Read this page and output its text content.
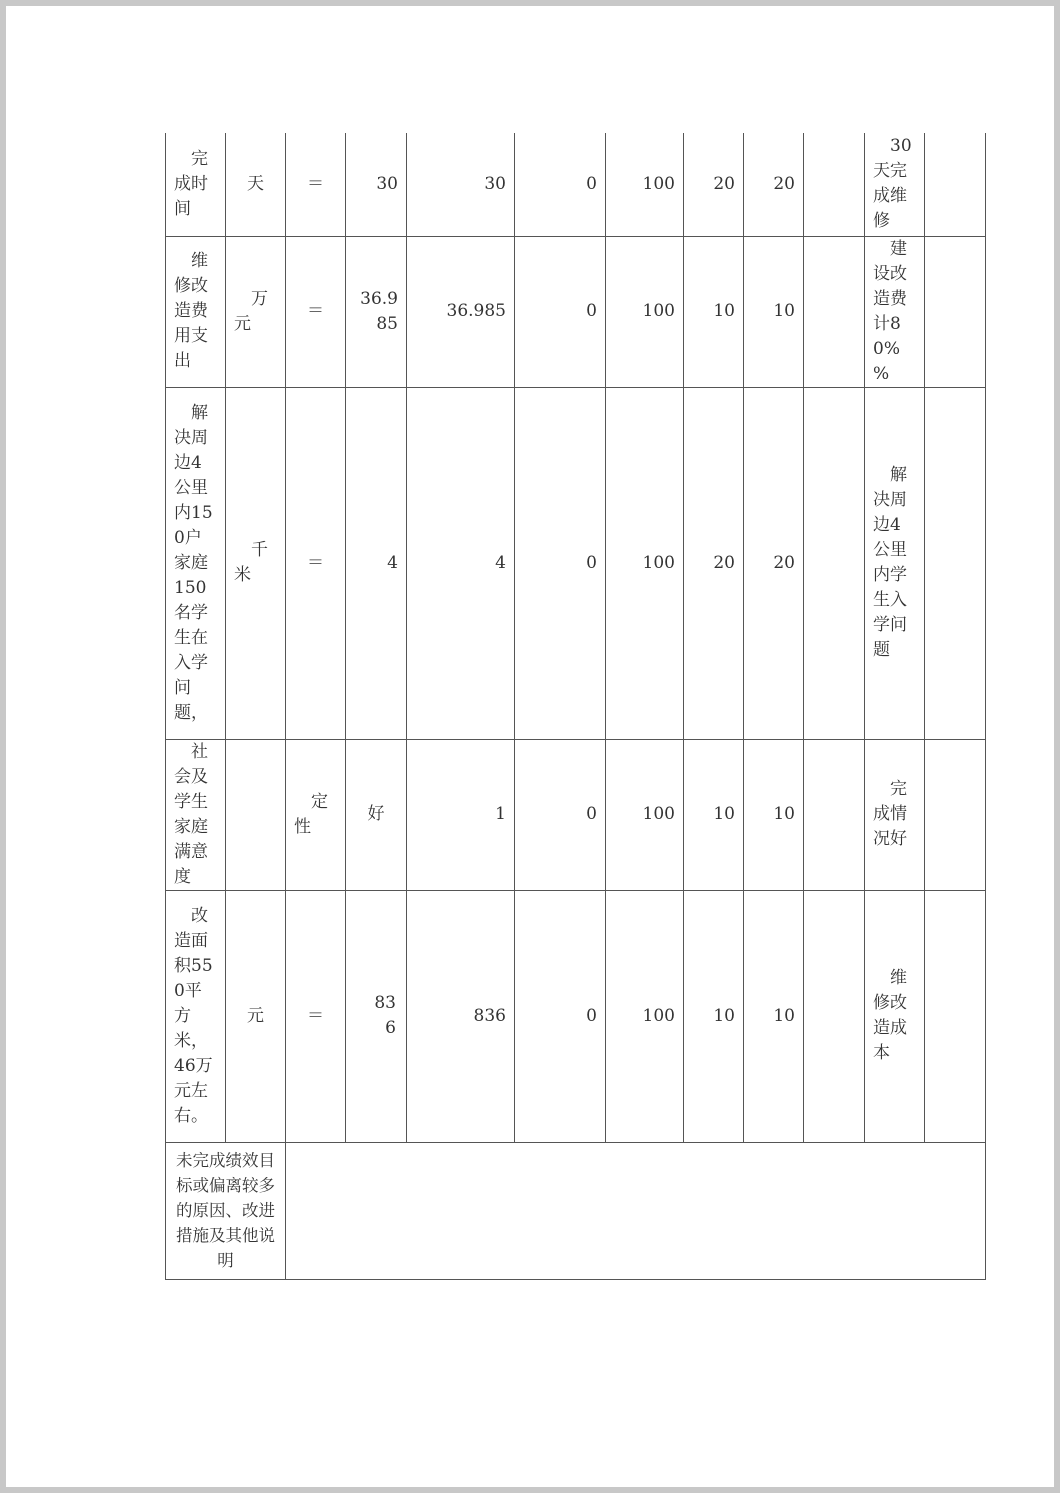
完成时间	天	＝	30	30	0	100	20	20		30天完成维修	
维修改造费用支出	万元	＝	36.985	36.985	0	100	10	10		建设改造费计80%%	
解决周边4公里内150户家庭150名学生在入学问题，	千米	＝	4	4	0	100	20	20		解决周边4公里内学生入学问题	
社会及学生家庭满意度		定性	好	1	0	100	10	10		完成情况好	
改造面积550平方米，46万元左右。	元	＝	836	836	0	100	10	10		维修改造成本	
未完成绩效目标或偏离较多的原因、改进措施及其他说明											
